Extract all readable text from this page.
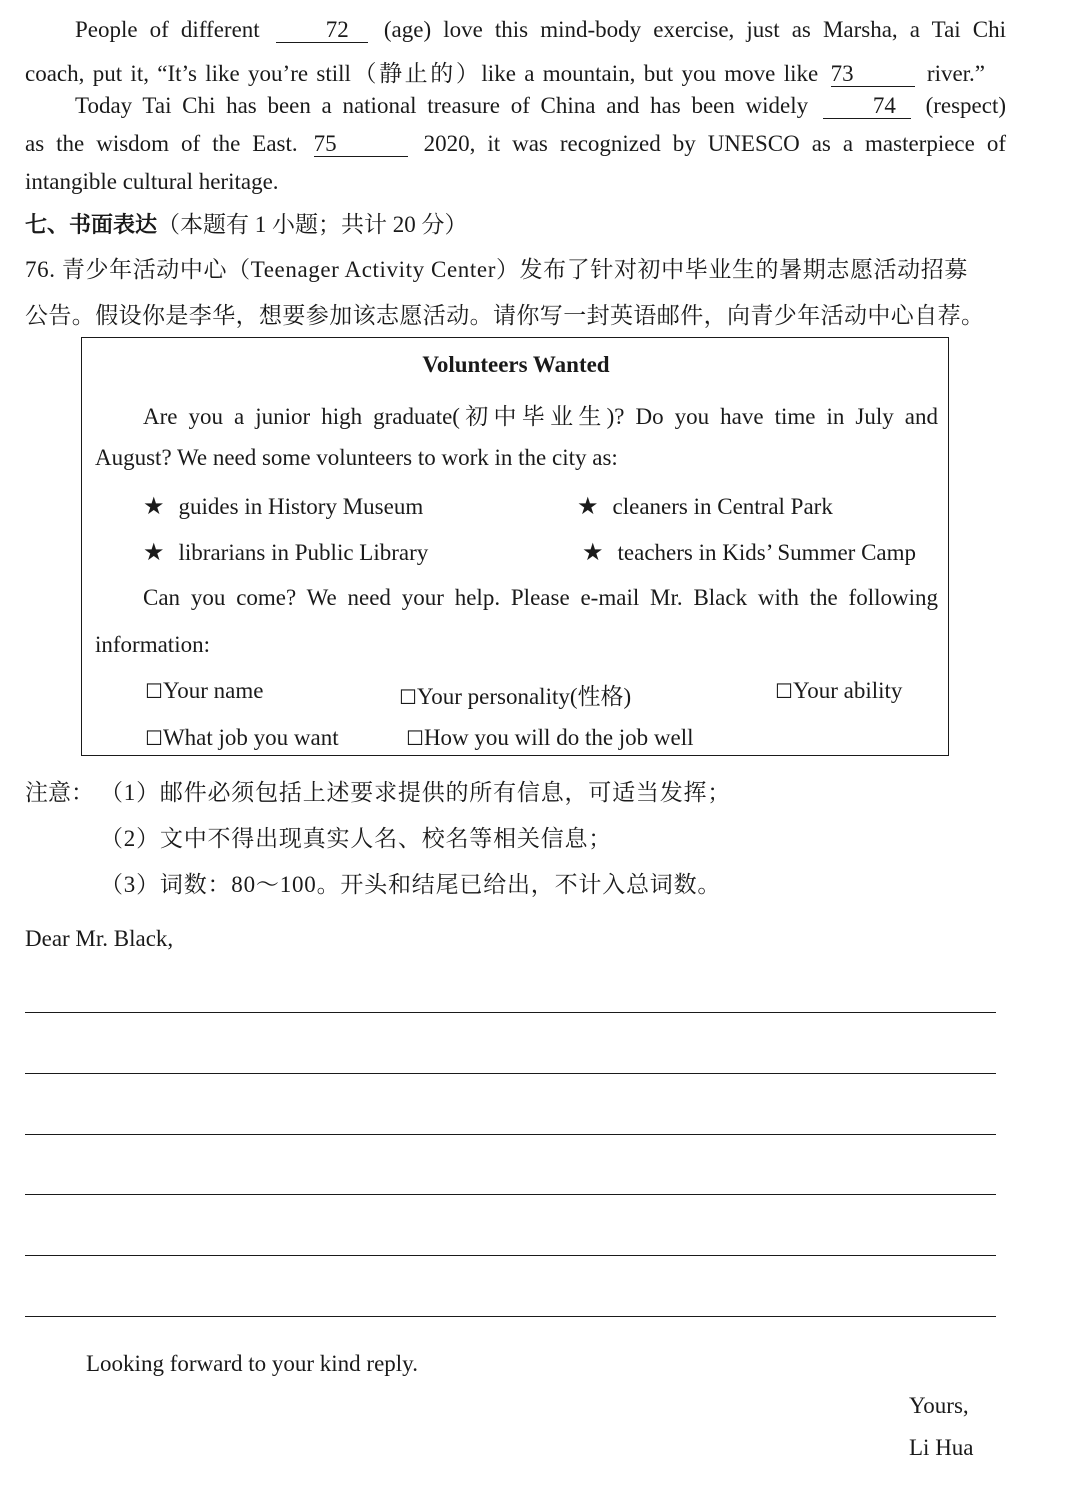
People of different	72 (age) love this mind-body exercise, just as Marsha, a Tai Chi
coach, put it, “It’s like you’re still（静止的）like a mountain, but you move like 73	river.”
Today Tai Chi has been a national treasure of China and has been widely	74 (respect)
as the wisdom of the East. 75	2020, it was recognized by UNESCO as a masterpiece of
intangible cultural heritage.
七、书面表达（本题有 1 小题；共计 20 分）
76. 青少年活动中心（Teenager Activity Center）发布了针对初中毕业生的暑期志愿活动招募
公告。假设你是李华，想要参加该志愿活动。请你写一封英语邮件，向青少年活动中心自荐。
Volunteers Wanted
Are you a junior high graduate(初中毕业生)? Do you have time in July and
August? We need some volunteers to work in the city as:
★ guides in History Museum	★ cleaners in Central Park
★ librarians in Public Library	★ teachers in Kids’ Summer Camp
Can you come? We need your help. Please e-mail Mr. Black with the following
information:
☐Your name	☐Your personality(性格)	☐Your ability
☐What job you want	☐How you will do the job well
注意： （1）邮件必须包括上述要求提供的所有信息，可适当发挥；
（2）文中不得出现真实人名、校名等相关信息；
（3）词数：80～100。开头和结尾已给出，不计入总词数。
Dear Mr. Black,
Looking forward to your kind reply.
Yours,
Li Hua
